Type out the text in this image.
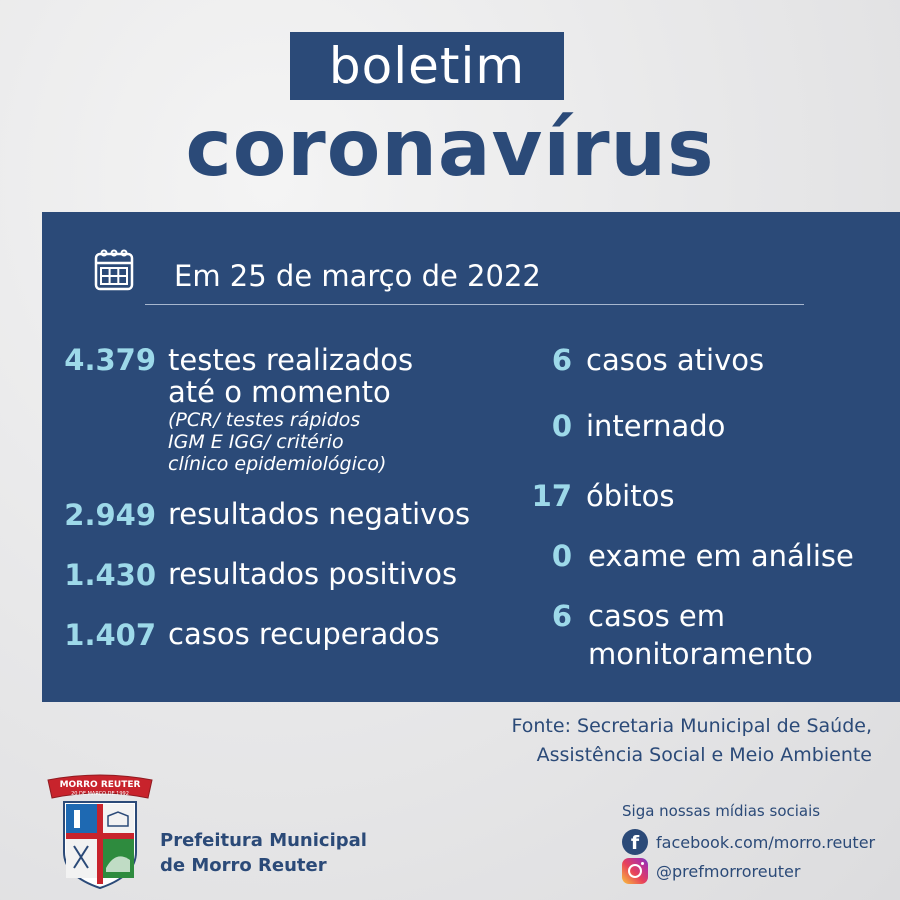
boletim
coronavírus
Em 25 de março de 2022
4.379 testes realizados
até o momento
(PCR/ testes rápidos
IGM E IGG/ critério
clínico epidemiológico)
2.949 resultados negativos
1.430 resultados positivos
1.407 casos recuperados
6 casos ativos
0 internado
17 óbitos
0 exame em análise
6 casos em
monitoramento
Fonte: Secretaria Municipal de Saúde,
Assistência Social e Meio Ambiente
MORRO REUTER
20 DE MARÇO DE 1992
Prefeitura Municipal
de Morro Reuter
Siga nossas mídias sociais
f	facebook.com/morro.reuter
@prefmorroreuter
